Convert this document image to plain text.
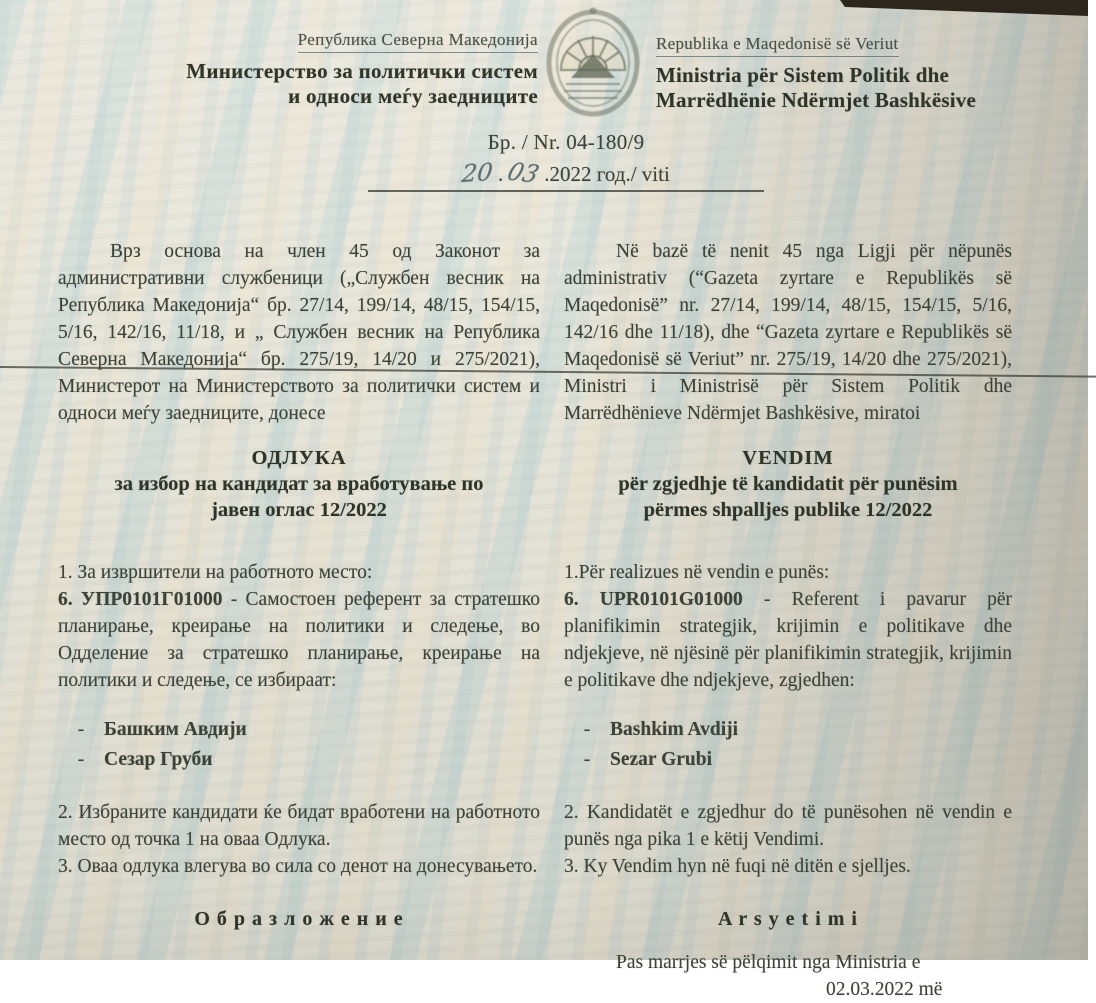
Република Северна Македонија
Министерство за политички систем
и односи меѓу заедниците
Republika e Maqedonisë së Veriut
Ministria për Sistem Politik dhe
Marrëdhënie Ndërmjet Bashkësive
Бр. / Nr. 04-180/9
20 . 03 .2022 год./ viti

Врз основа на член 45 од Законот за административни службеници („Службен весник на Република Македонија“ бр. 27/14, 199/14, 48/15, 154/15, 5/16, 142/16, 11/18, и „ Службен весник на Република Северна Македонија“ бр. 275/19, 14/20 и 275/2021), Министерот на Министерството за политички систем и односи меѓу заедниците, донесе

ОДЛУКА
за избор на кандидат за вработување по
јавен оглас 12/2022

1. За извршители на работното место:

6. УПР0101Г01000 - Самостоен референт за стратешко планирање, креирање на политики и следење, во Одделение за стратешко планирање, креирање на политики и следење, се избираат:

-	Башким Авдији
-	Сезар Груби

2. Избраните кандидати ќе бидат вработени на работното место од точка 1 на оваа Одлука.

3. Оваа одлука влегува во сила со денот на донесувањето.

О б р а з л о ж е н и е

Në bazë të nenit 45 nga Ligji për nëpunës administrativ (“Gazeta zyrtare e Republikës së Maqedonisë” nr. 27/14, 199/14, 48/15, 154/15, 5/16, 142/16 dhe 11/18), dhe “Gazeta zyrtare e Republikës së Maqedonisë së Veriut” nr. 275/19, 14/20 dhe 275/2021), Ministri i Ministrisë për Sistem Politik dhe Marrëdhënieve Ndërmjet Bashkësive, miratoi

VENDIM
për zgjedhje të kandidatit për punësim
përmes shpalljes publike 12/2022

1.Për realizues në vendin e punës:

6. UPR0101G01000 - Referent i pavarur për planifikimin strategjik, krijimin e politikave dhe ndjekjeve, në njësinë për planifikimin strategjik, krijimin e politikave dhe ndjekjeve, zgjedhen:

-	Bashkim Avdiji
-	Sezar Grubi

2. Kandidatët e zgjedhur do të punësohen në vendin e punës nga pika 1 e këtij Vendimi.

3. Ky Vendim hyn në fuqi në ditën e sjelljes.

A r s y e t i m i

Pas marrjes së pëlqimit nga Ministria e
02.03.2022 më
